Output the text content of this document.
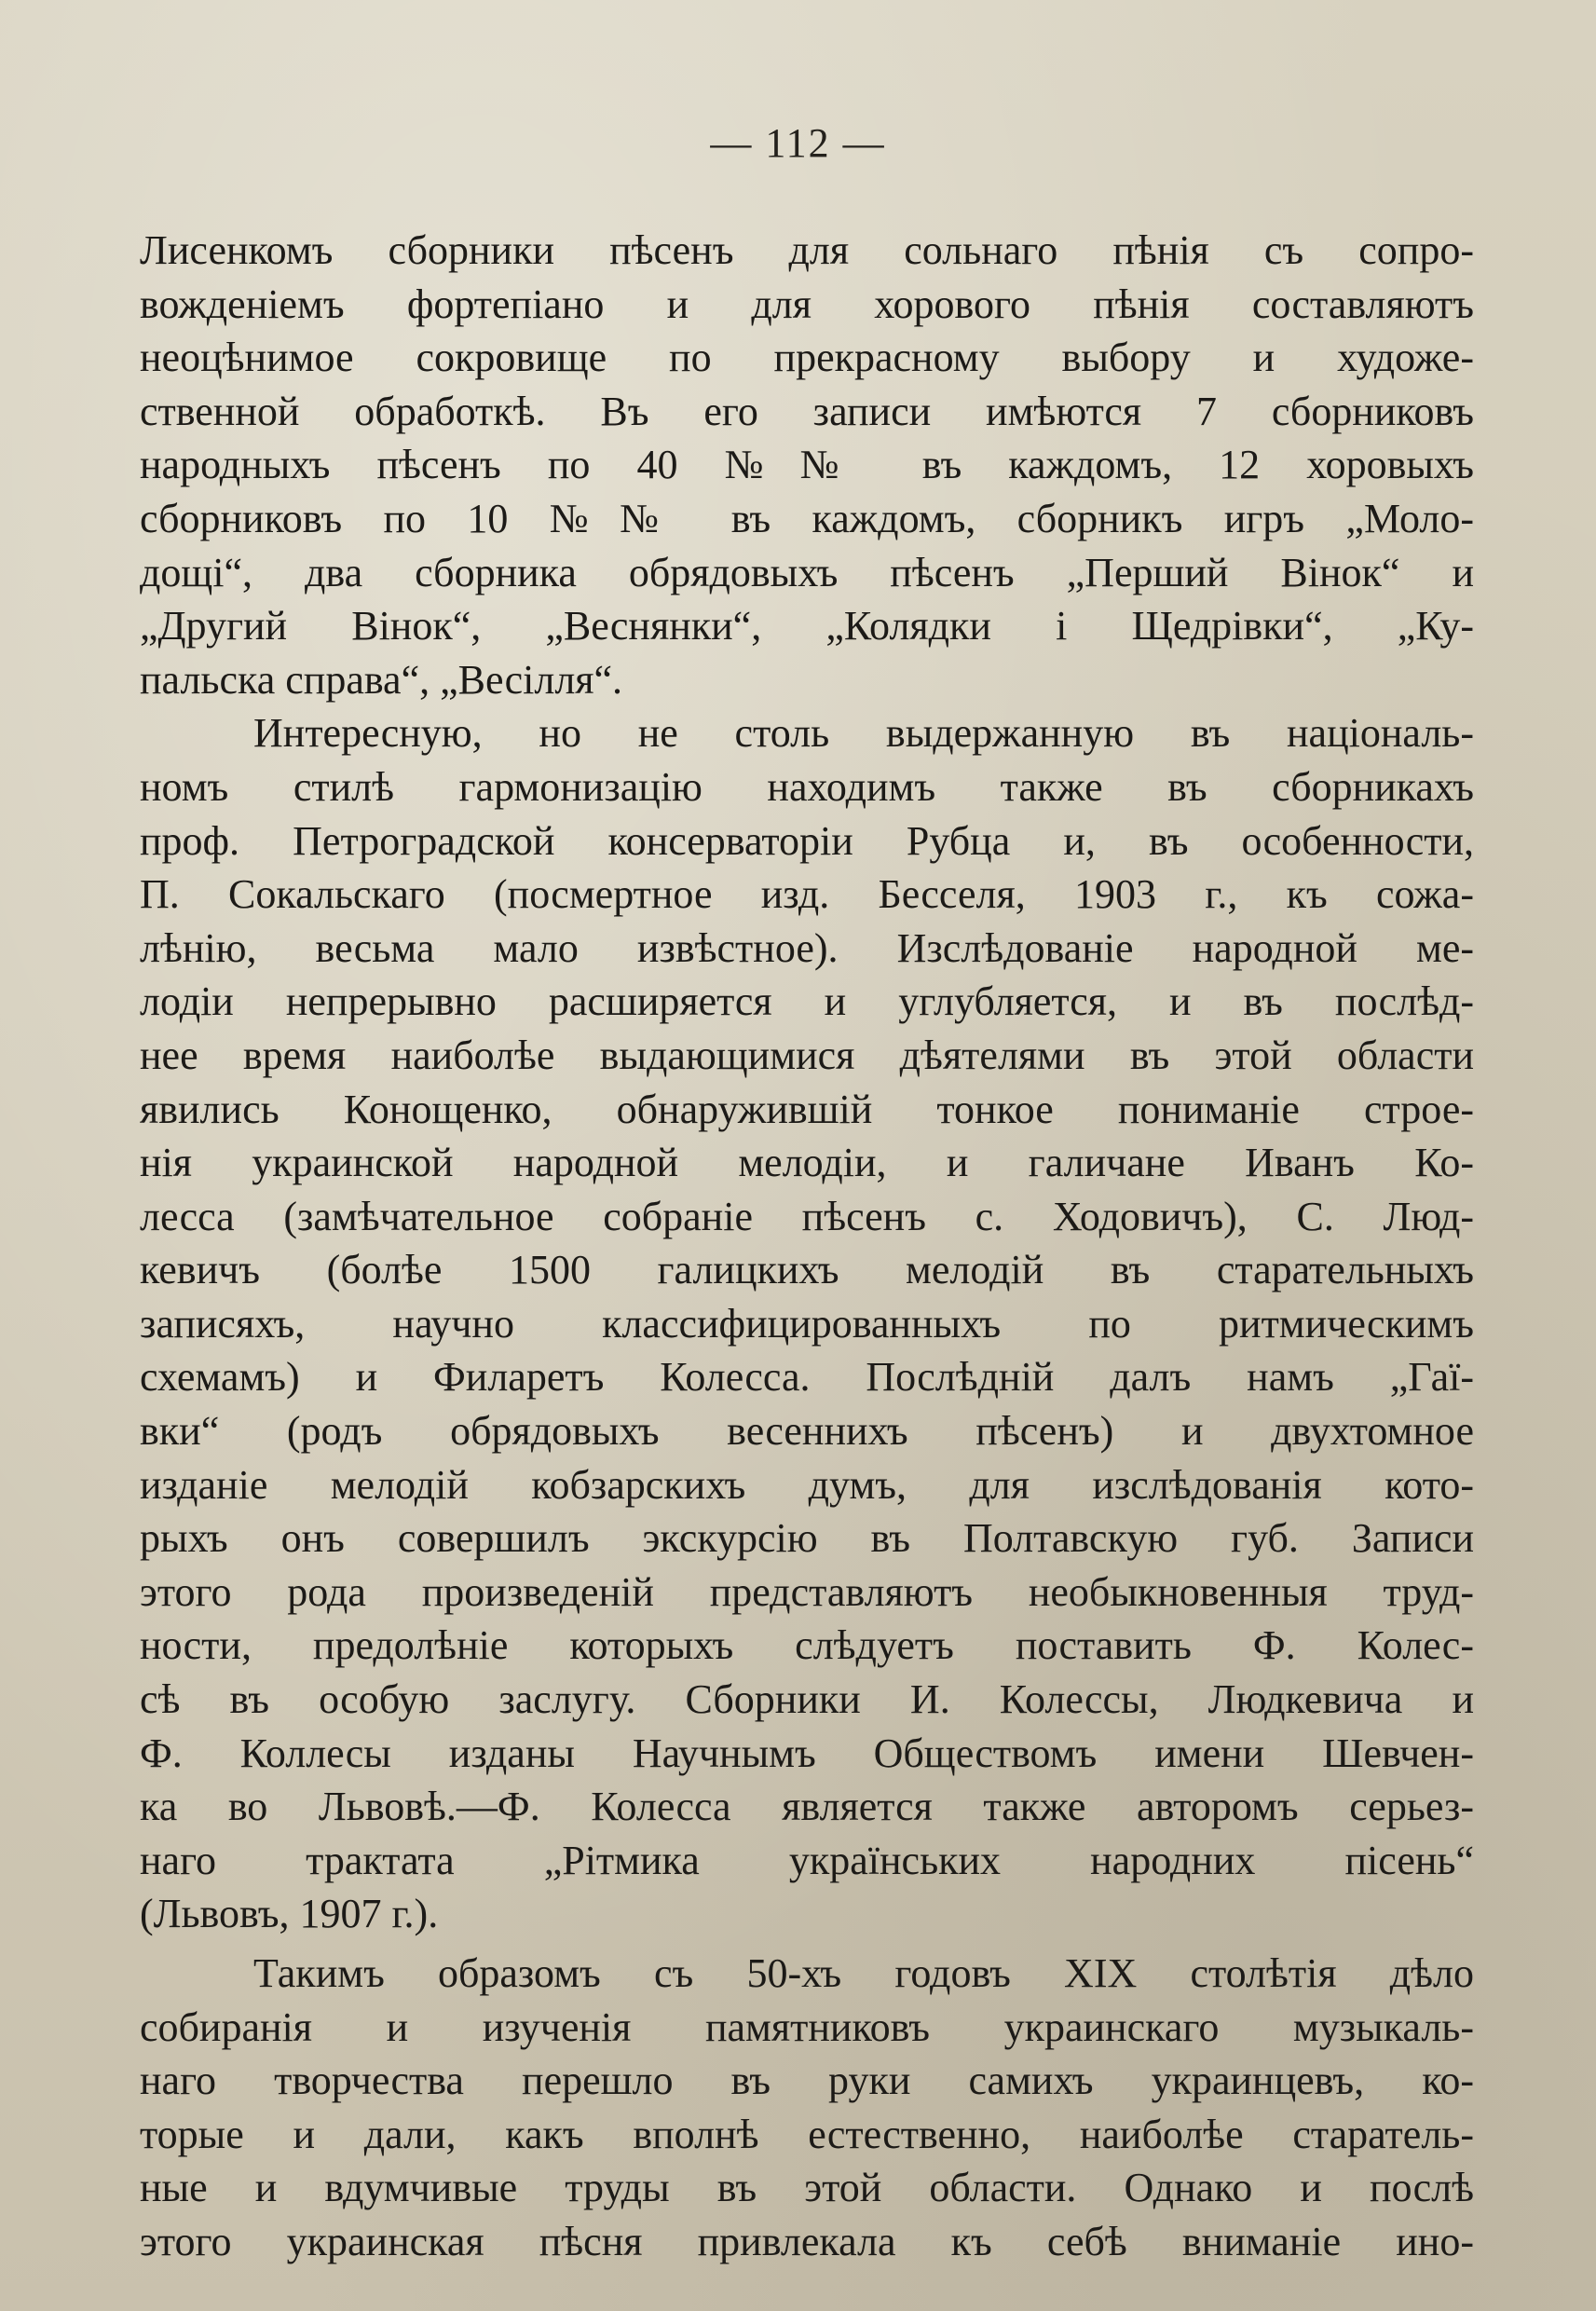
— 112 —
Лисенкомъ сборники пѣсенъ для сольнаго пѣнія съ сопро-
вожденіемъ фортепіано и для хорового пѣнія составляютъ
неоцѣнимое сокровище по прекрасному выбору и художе-
ственной обработкѣ. Въ его записи имѣются 7 сборниковъ
народныхъ пѣсенъ по 40 №№ въ каждомъ, 12 хоровыхъ
сборниковъ по 10 №№ въ каждомъ, сборникъ игръ „Моло-
дощі“, два сборника обрядовыхъ пѣсенъ „Перший Вінок“ и
„Другий Вінок“, „Веснянки“, „Колядки і Щедрівки“, „Ку-
пальска справа“, „Весілля“.
Интересную, но не столь выдержанную въ національ-
номъ стилѣ гармонизацію находимъ также въ сборникахъ
проф. Петроградской консерваторіи Рубца и, въ особенности,
П. Сокальскаго (посмертное изд. Бесселя, 1903 г., къ сожа-
лѣнію, весьма мало извѣстное). Изслѣдованіе народной ме-
лодіи непрерывно расширяется и углубляется, и въ послѣд-
нее время наиболѣе выдающимися дѣятелями въ этой области
явились Конощенко, обнаружившій тонкое пониманіе строе-
нія украинской народной мелодіи, и галичане Иванъ Ко-
лесса (замѣчательное собраніе пѣсенъ с. Ходовичъ), С. Люд-
кевичъ (болѣе 1500 галицкихъ мелодій въ старательныхъ
записяхъ, научно классифицированныхъ по ритмическимъ
схемамъ) и Филаретъ Колесса. Послѣдній далъ намъ „Гаї-
вки“ (родъ обрядовыхъ весеннихъ пѣсенъ) и двухтомное
изданіе мелодій кобзарскихъ думъ, для изслѣдованія кото-
рыхъ онъ совершилъ экскурсію въ Полтавскую губ. Записи
этого рода произведеній представляютъ необыкновенныя труд-
ности, предолѣніе которыхъ слѣдуетъ поставить Ф. Колес-
сѣ въ особую заслугу. Сборники И. Колессы, Людкевича и
Ф. Коллесы изданы Научнымъ Обществомъ имени Шевчен-
ка во Львовѣ.—Ф. Колесса является также авторомъ серьез-
наго трактата „Рітмика українських народних пісень“
(Львовъ, 1907 г.).
Такимъ образомъ съ 50-хъ годовъ XIX столѣтія дѣло
собиранія и изученія памятниковъ украинскаго музыкаль-
наго творчества перешло въ руки самихъ украинцевъ, ко-
торые и дали, какъ вполнѣ естественно, наиболѣе старатель-
ные и вдумчивые труды въ этой области. Однако и послѣ
этого украинская пѣсня привлекала къ себѣ вниманіе ино-
